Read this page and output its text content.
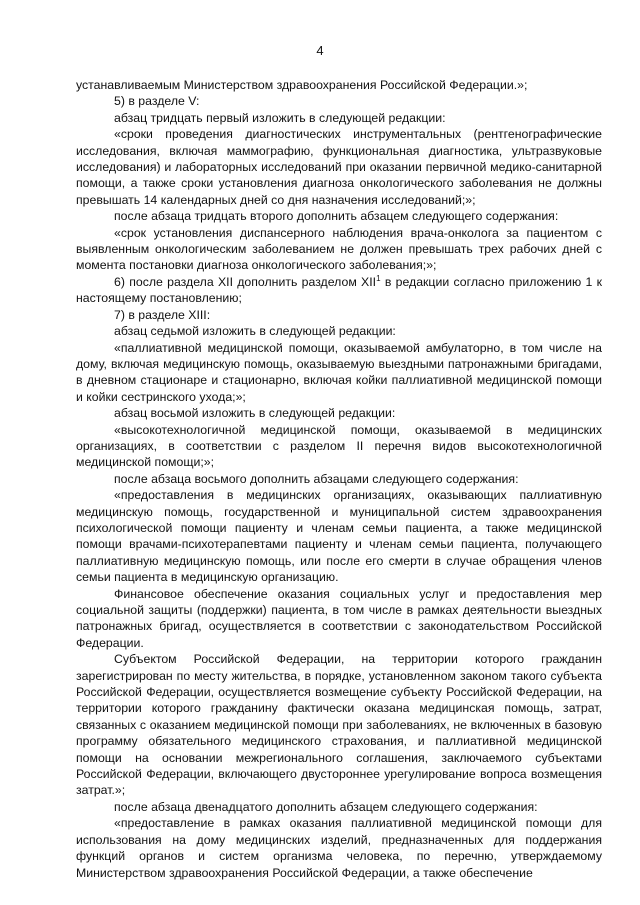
4

устанавливаемым Министерством здравоохранения Российской Федерации.»;

5) в разделе V:

абзац тридцать первый изложить в следующей редакции:

«сроки проведения диагностических инструментальных (рентгенографические исследования, включая маммографию, функциональная диагностика, ультразвуковые исследования) и лабораторных исследований при оказании первичной медико-санитарной помощи, а также сроки установления диагноза онкологического заболевания не должны превышать 14 календарных дней со дня назначения исследований;»;

после абзаца тридцать второго дополнить абзацем следующего содержания:

«срок установления диспансерного наблюдения врача-онколога за пациентом с выявленным онкологическим заболеванием не должен превышать трех рабочих дней с момента постановки диагноза онкологического заболевания;»;

6) после раздела XII дополнить разделом XII$^1$ в редакции согласно приложению 1 к настоящему постановлению;

7) в разделе XIII:

абзац седьмой изложить в следующей редакции:

«паллиативной медицинской помощи, оказываемой амбулаторно, в том числе на дому, включая медицинскую помощь, оказываемую выездными патронажными бригадами, в дневном стационаре и стационарно, включая койки паллиативной медицинской помощи и койки сестринского ухода;»;

абзац восьмой изложить в следующей редакции:

«высокотехнологичной медицинской помощи, оказываемой в медицинских организациях, в соответствии с разделом II перечня видов высокотехнологичной медицинской помощи;»;

после абзаца восьмого дополнить абзацами следующего содержания:

«предоставления в медицинских организациях, оказывающих паллиативную медицинскую помощь, государственной и муниципальной систем здравоохранения психологической помощи пациенту и членам семьи пациента, а также медицинской помощи врачами-психотерапевтами пациенту и членам семьи пациента, получающего паллиативную медицинскую помощь, или после его смерти в случае обращения членов семьи пациента в медицинскую организацию.

Финансовое обеспечение оказания социальных услуг и предоставления мер социальной защиты (поддержки) пациента, в том числе в рамках деятельности выездных патронажных бригад, осуществляется в соответствии с законодательством Российской Федерации.

Субъектом Российской Федерации, на территории которого гражданин зарегистрирован по месту жительства, в порядке, установленном законом такого субъекта Российской Федерации, осуществляется возмещение субъекту Российской Федерации, на территории которого гражданину фактически оказана медицинская помощь, затрат, связанных с оказанием медицинской помощи при заболеваниях, не включенных в базовую программу обязательного медицинского страхования, и паллиативной медицинской помощи на основании межрегионального соглашения, заключаемого субъектами Российской Федерации, включающего двустороннее урегулирование вопроса возмещения затрат.»;

после абзаца двенадцатого дополнить абзацем следующего содержания:

«предоставление в рамках оказания паллиативной медицинской помощи для использования на дому медицинских изделий, предназначенных для поддержания функций органов и систем организма человека, по перечню, утверждаемому Министерством здравоохранения Российской Федерации, а также обеспечение
